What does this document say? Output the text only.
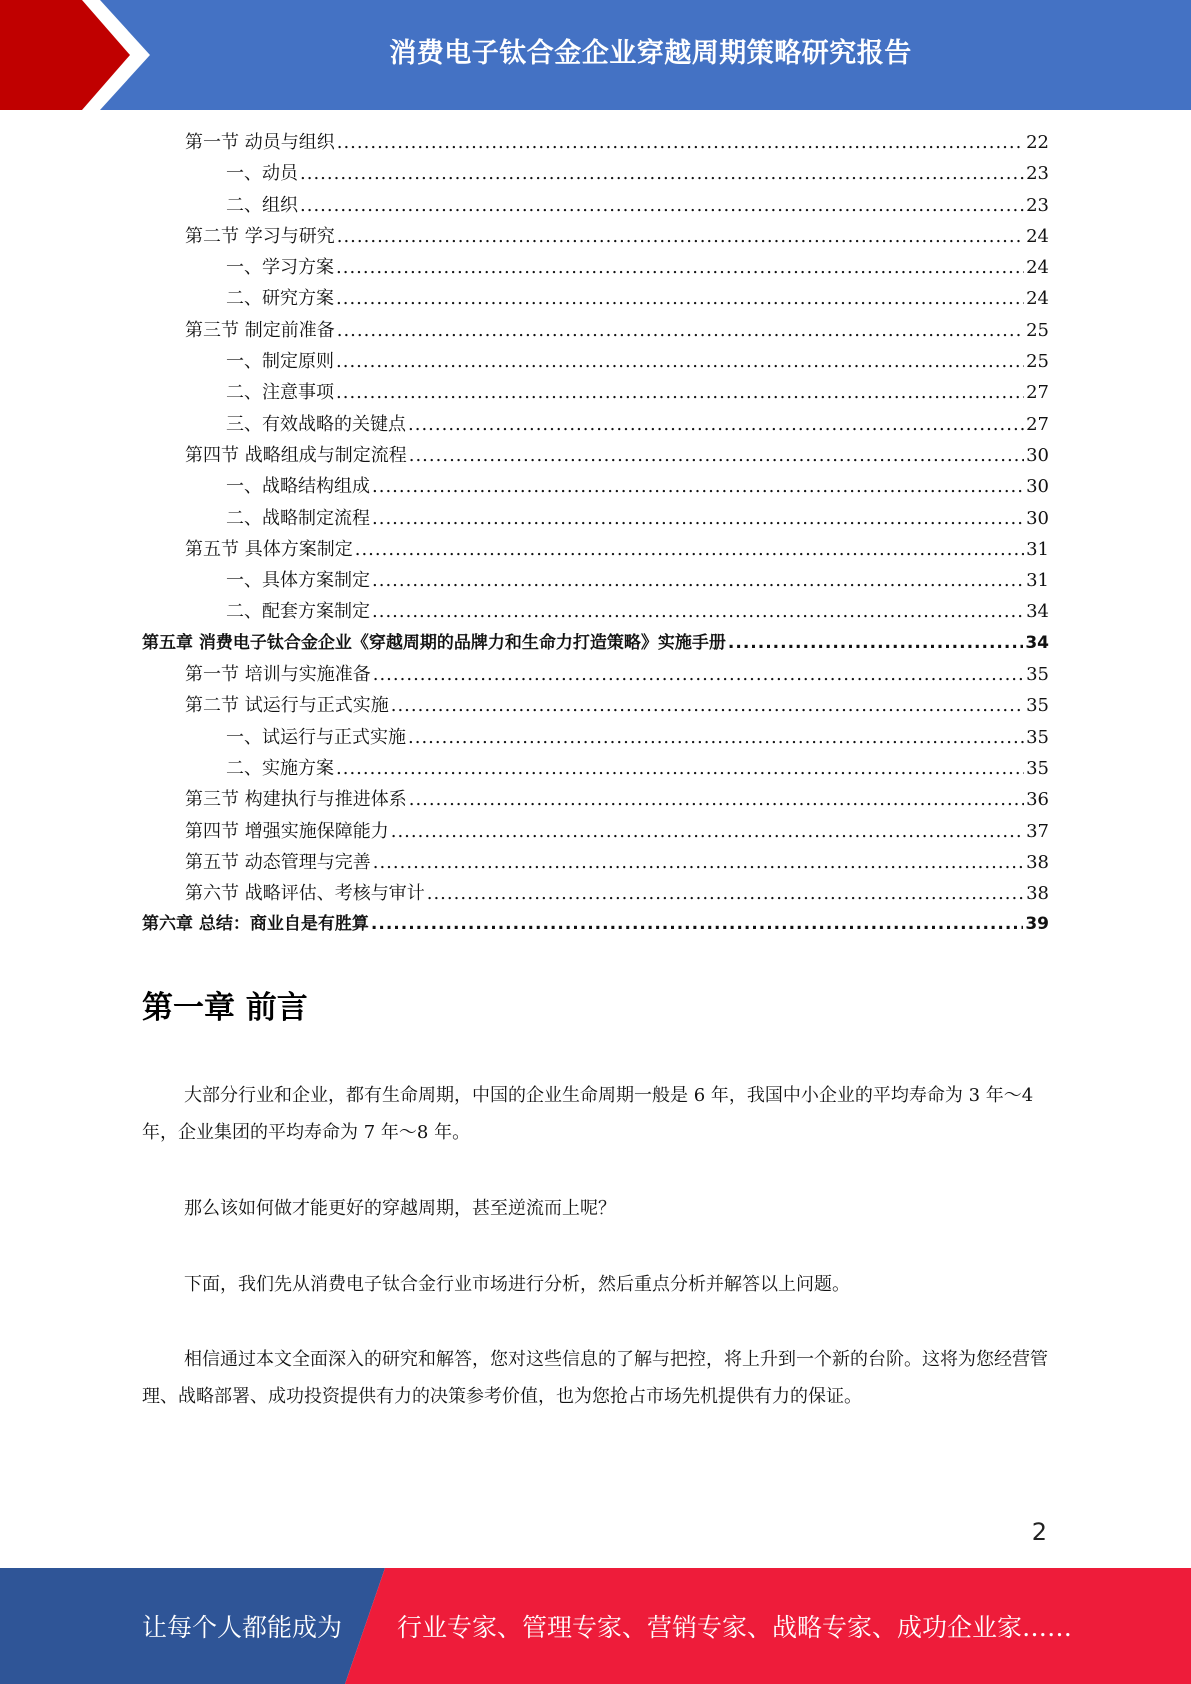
消费电子钛合金企业穿越周期策略研究报告
第一节 动员与组织 .....	22
一、动员 .....	23
二、组织 .....	23
第二节 学习与研究 .....	24
一、学习方案 .....	24
二、研究方案 .....	24
第三节 制定前准备 .....	25
一、制定原则 .....	25
二、注意事项 .....	27
三、有效战略的关键点 .....	27
第四节 战略组成与制定流程 .....	30
一、战略结构组成 .....	30
二、战略制定流程 .....	30
第五节 具体方案制定 .....	31
一、具体方案制定 .....	31
二、配套方案制定 .....	34
第五章 消费电子钛合金企业《穿越周期的品牌力和生命力打造策略》实施手册 .....	34
第一节 培训与实施准备 .....	35
第二节 试运行与正式实施 .....	35
一、试运行与正式实施 .....	35
二、实施方案 .....	35
第三节 构建执行与推进体系 .....	36
第四节 增强实施保障能力 .....	37
第五节 动态管理与完善 .....	38
第六节 战略评估、考核与审计 .....	38
第六章 总结：商业自是有胜算 .....	39
第一章 前言
大部分行业和企业，都有生命周期，中国的企业生命周期一般是 6 年，我国中小企业的平均寿命为 3 年～4 年，企业集团的平均寿命为 7 年～8 年。
那么该如何做才能更好的穿越周期，甚至逆流而上呢？
下面，我们先从消费电子钛合金行业市场进行分析，然后重点分析并解答以上问题。
相信通过本文全面深入的研究和解答，您对这些信息的了解与把控，将上升到一个新的台阶。这将为您经营管理、战略部署、成功投资提供有力的决策参考价值，也为您抢占市场先机提供有力的保证。
2
让每个人都能成为 行业专家、管理专家、营销专家、战略专家、成功企业家……
